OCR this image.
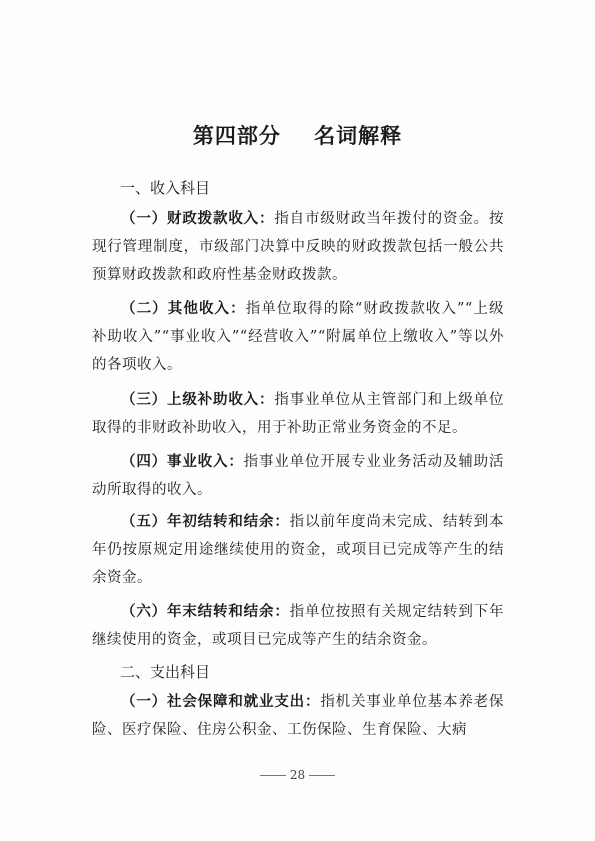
第四部分    名词解释
一、收入科目
（一）财政拨款收入：指自市级财政当年拨付的资金。按现行管理制度，市级部门决算中反映的财政拨款包括一般公共预算财政拨款和政府性基金财政拨款。
（二）其他收入：指单位取得的除“财政拨款收入”“上级补助收入”“事业收入”“经营收入”“附属单位上缴收入”等以外的各项收入。
（三）上级补助收入：指事业单位从主管部门和上级单位取得的非财政补助收入，用于补助正常业务资金的不足。
（四）事业收入：指事业单位开展专业业务活动及辅助活动所取得的收入。
（五）年初结转和结余：指以前年度尚未完成、结转到本年仍按原规定用途继续使用的资金，或项目已完成等产生的结余资金。
（六）年末结转和结余：指单位按照有关规定结转到下年继续使用的资金，或项目已完成等产生的结余资金。
二、支出科目
（一）社会保障和就业支出：指机关事业单位基本养老保险、医疗保险、住房公积金、工伤保险、生育保险、大病
28
